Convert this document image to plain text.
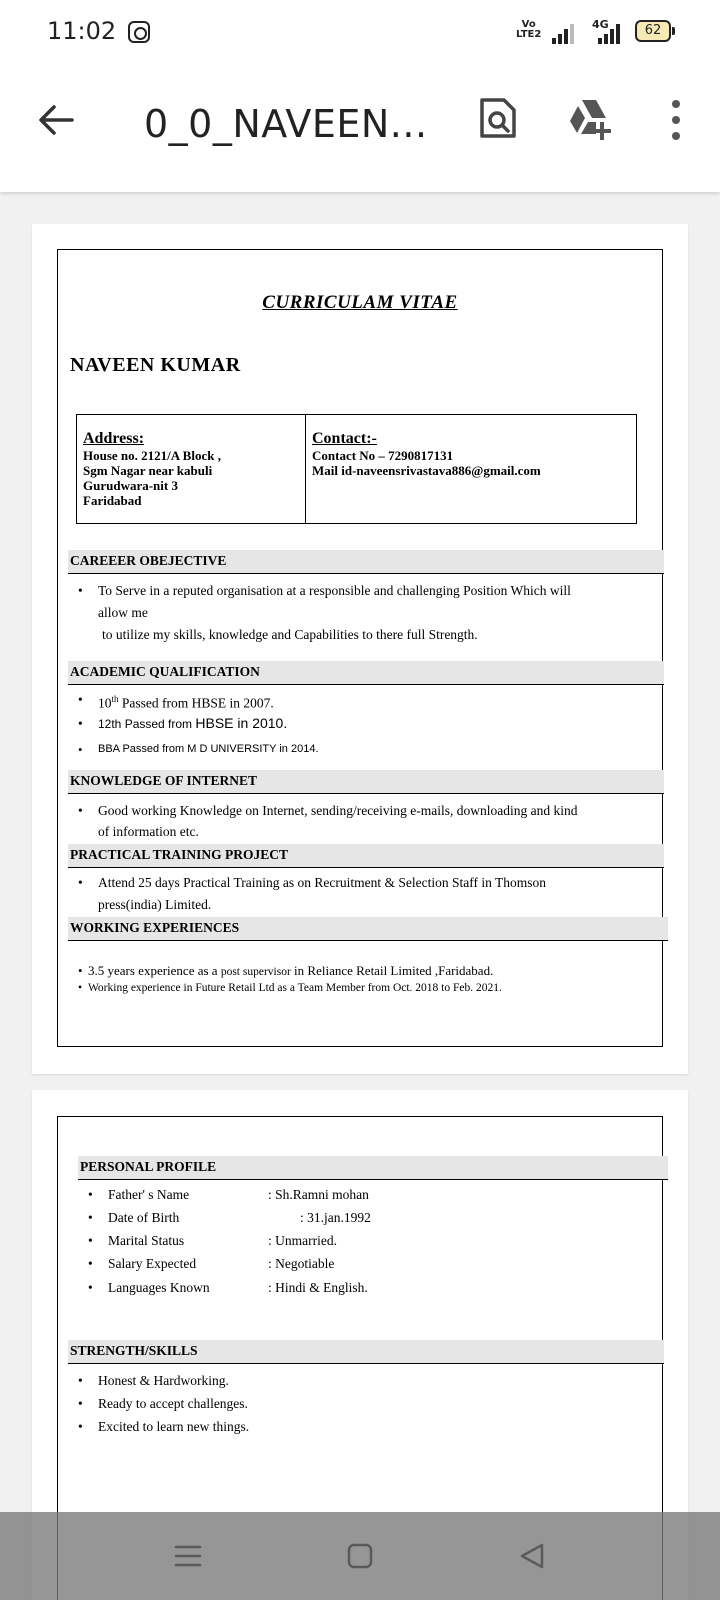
11:02	Vo
LTE2
4G	62
0_0_NAVEEN...
CURRICULAM VITAE
NAVEEN KUMAR
Address:
House no. 2121/A Block ,
Sgm Nagar near kabuli
Gurudwara-nit 3
Faridabad
Contact:-
Contact No – 7290817131
Mail id-naveensrivastava886@gmail.com
CAREEER OBEJECTIVE
• To Serve in a reputed organisation at a responsible and challenging Position Which will
allow me
to utilize my skills, knowledge and Capabilities to there full Strength.
ACADEMIC QUALIFICATION
• 10th Passed from HBSE in 2007.
• 12th Passed from HBSE in 2010.
• BBA Passed from M D UNIVERSITY in 2014.
KNOWLEDGE OF INTERNET
• Good working Knowledge on Internet, sending/receiving e-mails, downloading and kind
of information etc.
PRACTICAL TRAINING PROJECT
• Attend 25 days Practical Training as on Recruitment & Selection Staff in Thomson
press(india) Limited.
WORKING EXPERIENCES
• 3.5 years experience as a post supervisor in Reliance Retail Limited ,Faridabad.
• Working experience in Future Retail Ltd as a Team Member from Oct. 2018 to Feb. 2021.
PERSONAL PROFILE
• Father' s Name	: Sh.Ramni mohan
• Date of Birth	: 31.jan.1992
• Marital Status	: Unmarried.
• Salary Expected	: Negotiable
• Languages Known	: Hindi & English.
STRENGTH/SKILLS
• Honest & Hardworking.
• Ready to accept challenges.
• Excited to learn new things.
